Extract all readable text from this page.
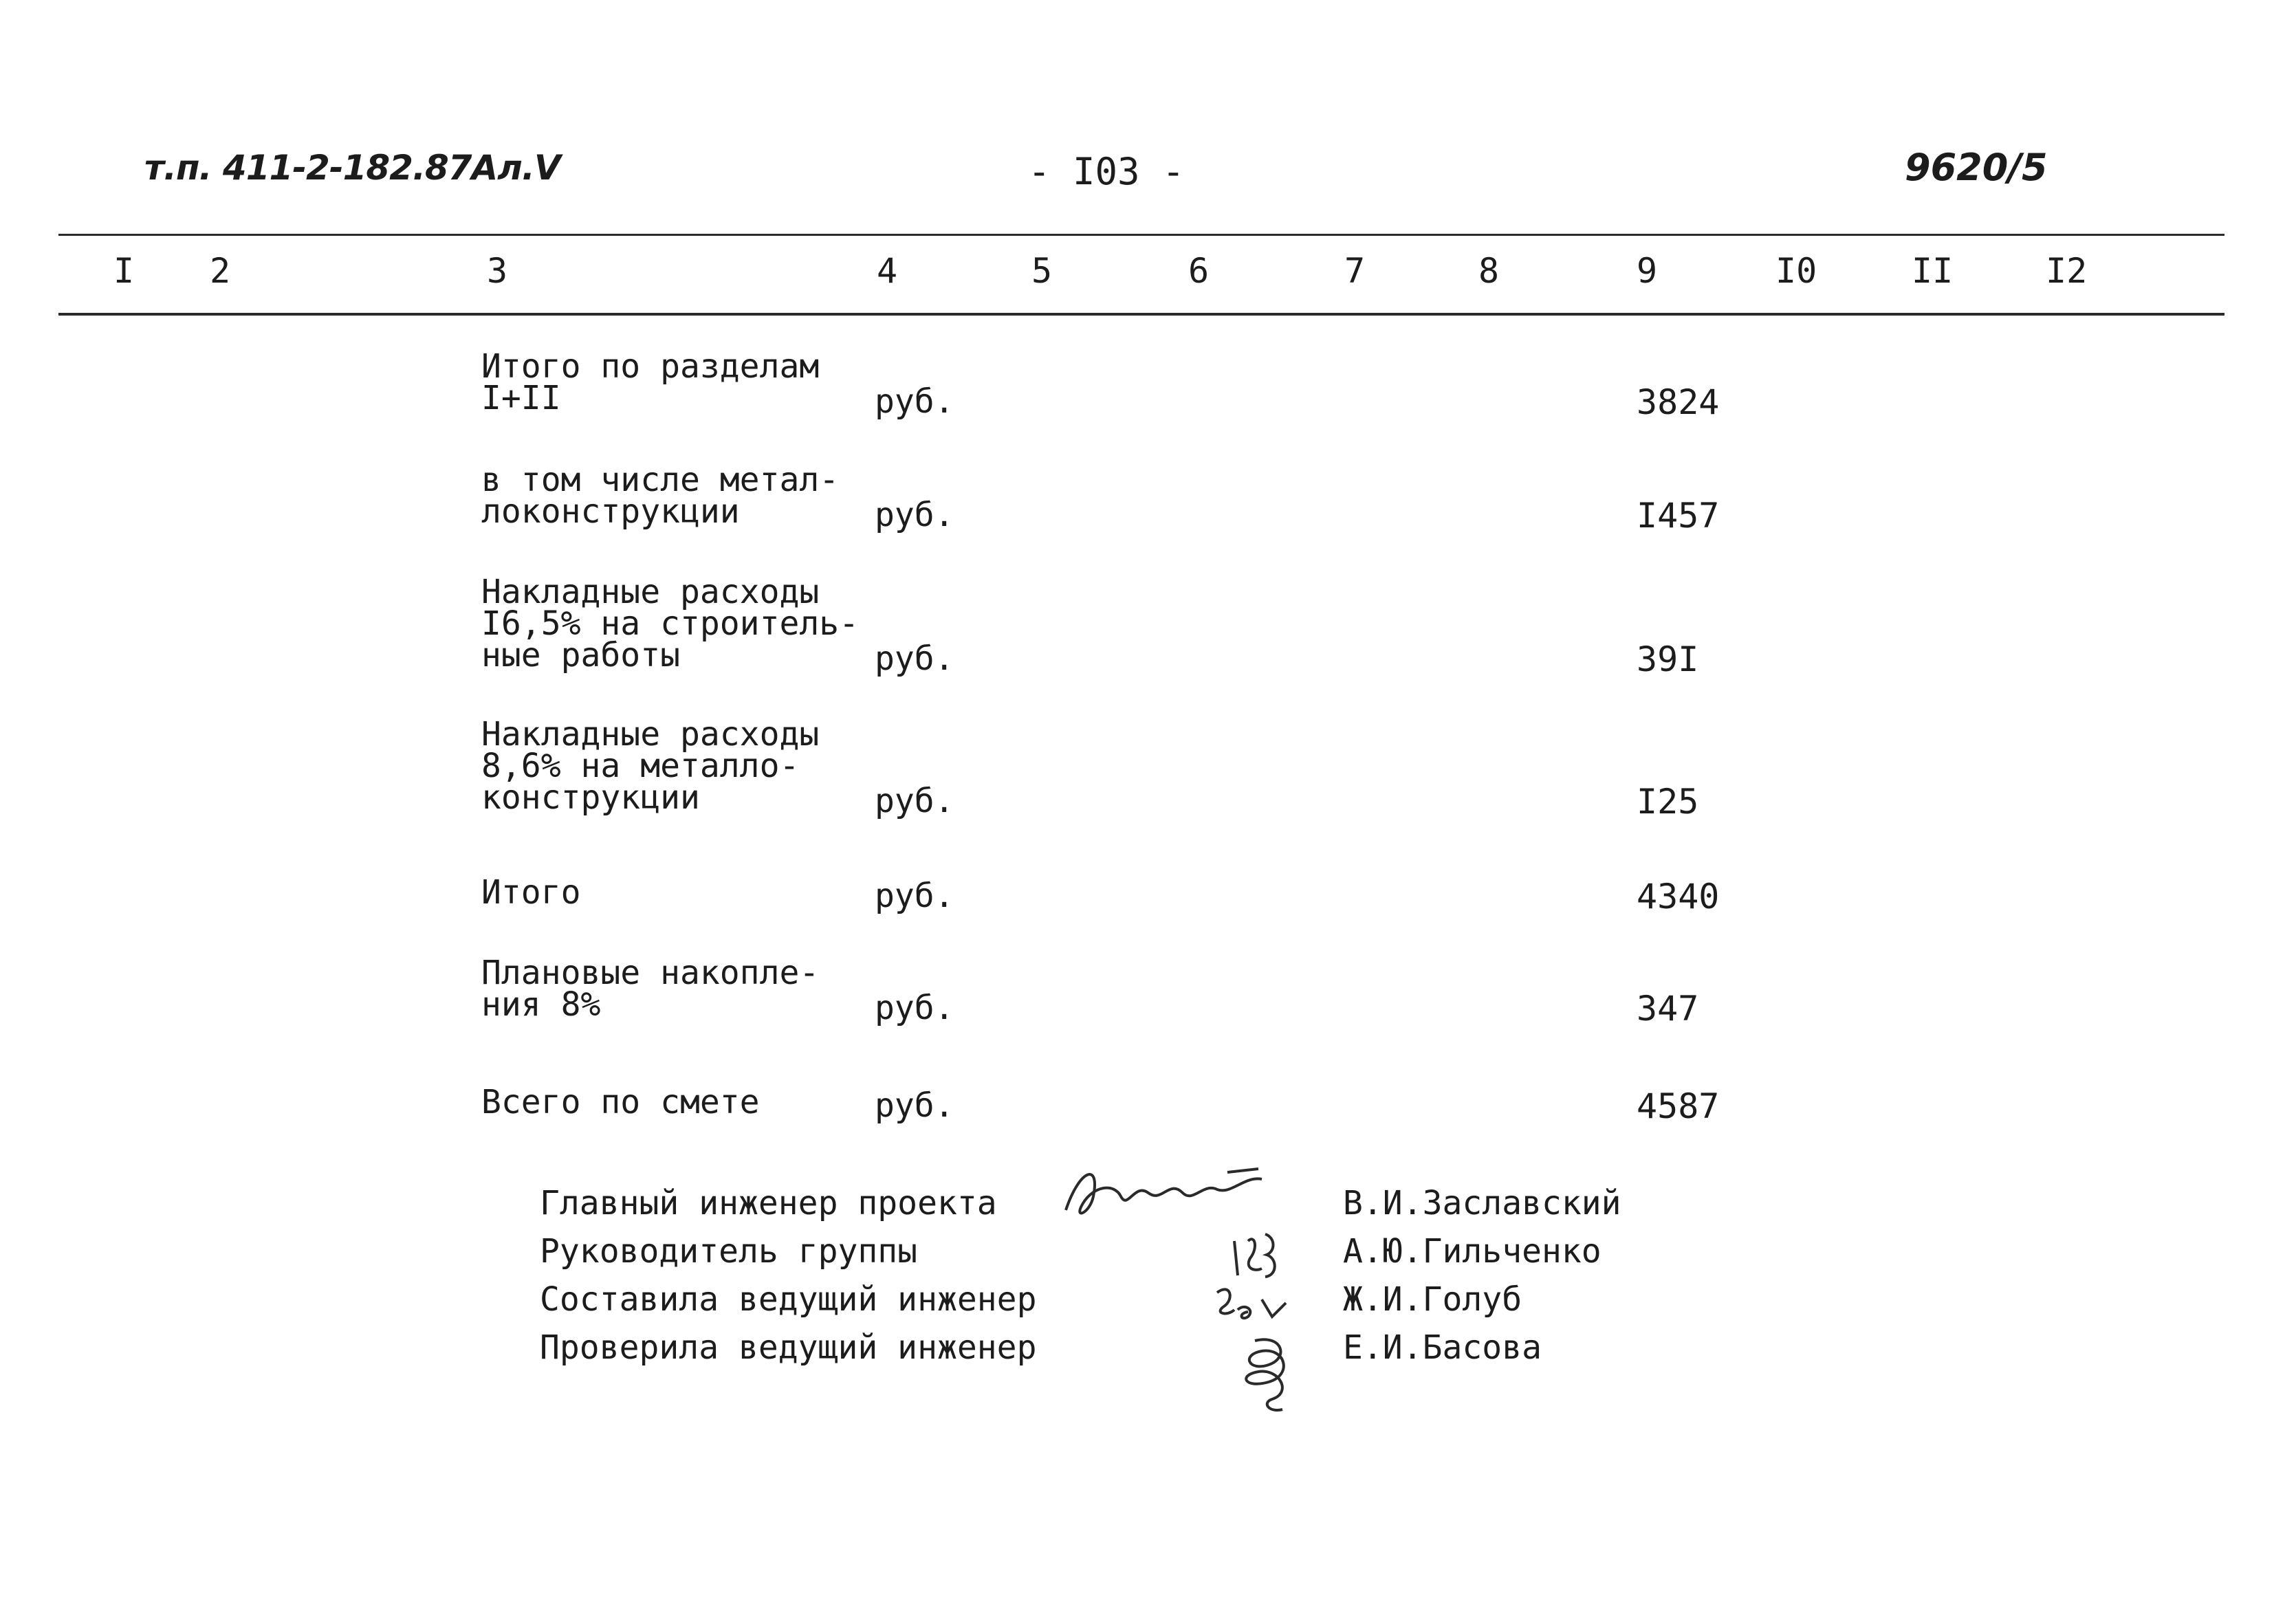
т.п. 411-2-182.87Ал.V	- I03 -	9620/5
I 2	3	4	5	6	7	8	9	I0	II	I2
Итого по разделам
I+II	руб.	3824
в том числе метал-
локонструкции	руб.	I457
Накладные расходы
I6,5% на строитель-
ные работы	руб.	39I
Накладные расходы
8,6% на металло-
конструкции	руб.	I25
Итого	руб.	4340
Плановые накопле-
ния 8%	руб.	347
Всего по смете	руб.	4587
Главный инженер проекта	В.И.Заславский
Руководитель группы	А.Ю.Гильченко
Составила ведущий инженер	Ж.И.Голуб
Проверила ведущий инженер	Е.И.Басова
